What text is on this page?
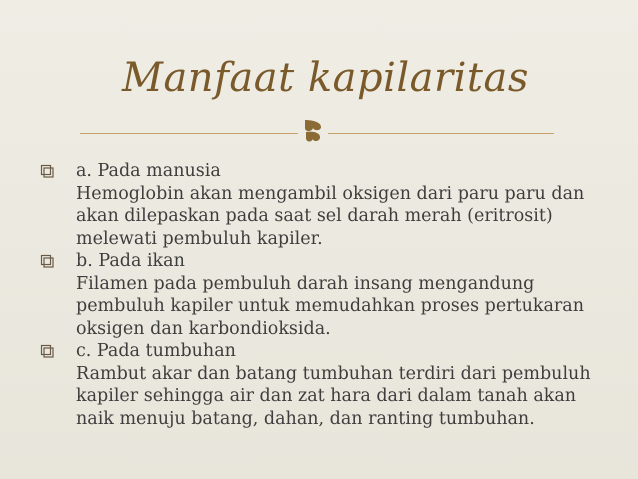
Manfaat kapilaritas
a. Pada manusia
Hemoglobin akan mengambil oksigen dari paru paru dan
akan dilepaskan pada saat sel darah merah (eritrosit)
melewati pembuluh kapiler.
b. Pada ikan
Filamen pada pembuluh darah insang mengandung
pembuluh kapiler untuk memudahkan proses pertukaran
oksigen dan karbondioksida.
c. Pada tumbuhan
Rambut akar dan batang tumbuhan terdiri dari pembuluh
kapiler sehingga air dan zat hara dari dalam tanah akan
naik menuju batang, dahan, dan ranting tumbuhan.
